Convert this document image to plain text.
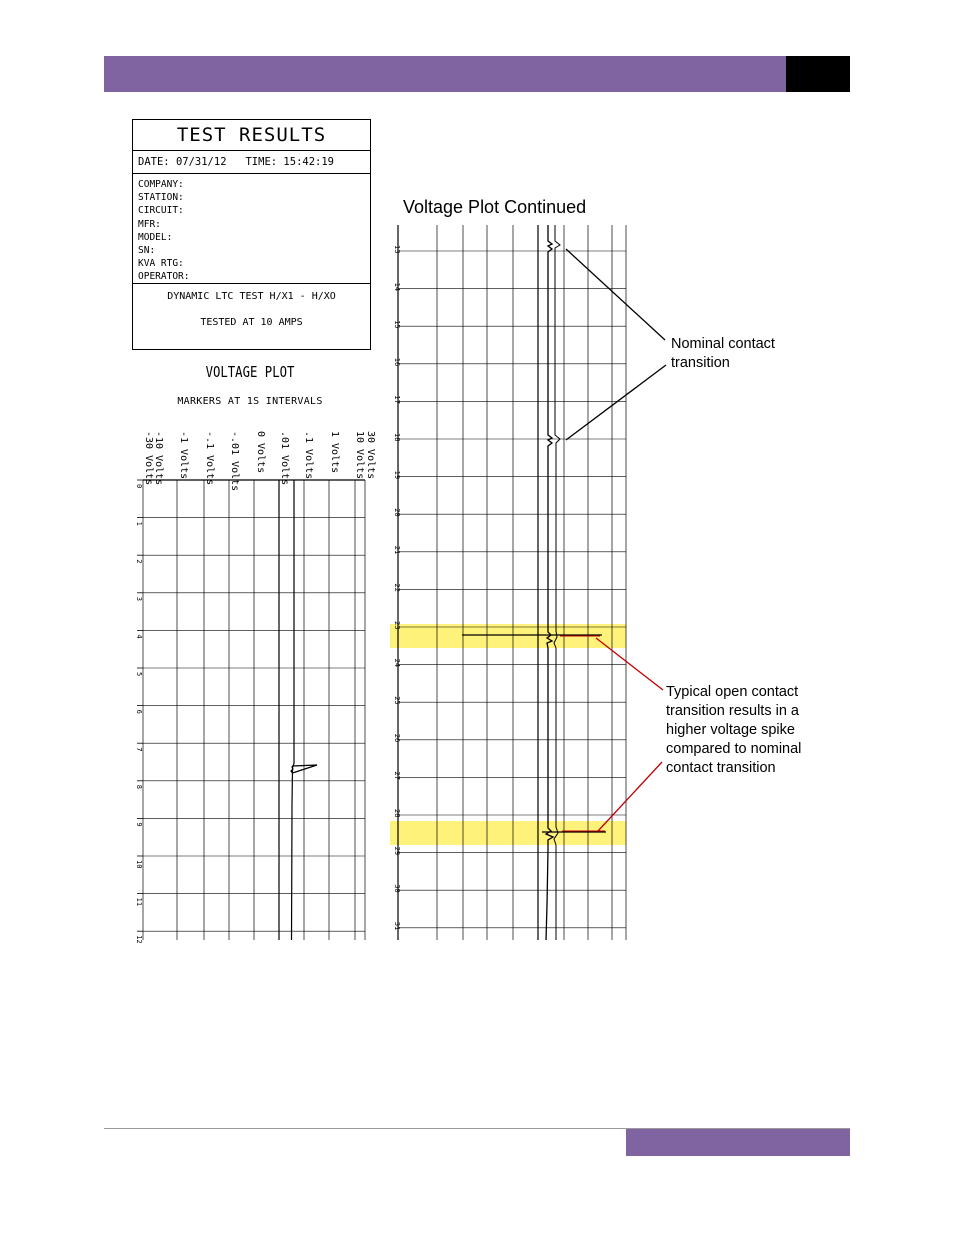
TEST RESULTS
DATE: 07/31/12 TIME: 15:42:19
COMPANY:
STATION:
CIRCUIT:
MFR:
MODEL:
SN:
KVA RTG:
OPERATOR:
DYNAMIC LTC TEST H/X1 - H/XO
TESTED AT 10 AMPS
VOLTAGE PLOT
MARKERS AT 1S INTERVALS
-30 Volts -10 Volts -1 Volts -.1 Volts -.01 Volts 0 Volts .01 Volts .1 Volts 1 Volts 10 Volts 30 Volts
0
1
2
3
4
5
6
7
8
9
10
11
12
Voltage Plot Continued
13
14
15
16
17
18
19
20
21
22
23
24
25
26
27
28
29
30
31
Nominal contact
transition
Typical open contact
transition results in a
higher voltage spike
compared to nominal
contact transition
